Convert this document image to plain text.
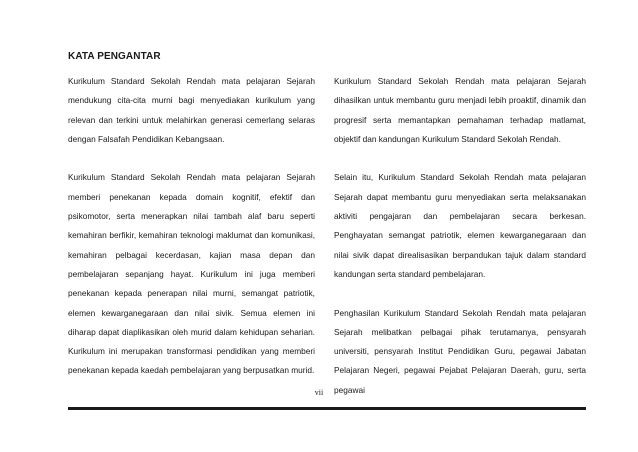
KATA PENGANTAR

Kurikulum Standard Sekolah Rendah mata pelajaran Sejarah mendukung cita-cita murni bagi menyediakan kurikulum yang relevan dan terkini untuk melahirkan generasi cemerlang selaras dengan Falsafah Pendidikan Kebangsaan.

Kurikulum Standard Sekolah Rendah mata pelajaran Sejarah memberi penekanan kepada domain kognitif, efektif dan psikomotor, serta menerapkan nilai tambah alaf baru seperti kemahiran berfikir, kemahiran teknologi maklumat dan komunikasi, kemahiran pelbagai kecerdasan, kajian masa depan dan pembelajaran sepanjang hayat. Kurikulum ini juga memberi penekanan kepada penerapan nilai murni, semangat patriotik, elemen kewarganegaraan dan nilai sivik. Semua elemen ini diharap dapat diaplikasikan oleh murid dalam kehidupan seharian. Kurikulum ini merupakan transformasi pendidikan yang memberi penekanan kepada kaedah pembelajaran yang berpusatkan murid.

Kurikulum Standard Sekolah Rendah mata pelajaran Sejarah dihasilkan untuk membantu guru menjadi lebih proaktif, dinamik dan progresif serta memantapkan pemahaman terhadap matlamat, objektif dan kandungan Kurikulum Standard Sekolah Rendah.

Selain itu, Kurikulum Standard Sekolah Rendah mata pelajaran Sejarah dapat membantu guru menyediakan serta melaksanakan aktiviti pengajaran dan pembelajaran secara berkesan. Penghayatan semangat patriotik, elemen kewarganegaraan dan nilai sivik dapat direalisasikan berpandukan tajuk dalam standard kandungan serta standard pembelajaran.

Penghasilan Kurikulum Standard Sekolah Rendah mata pelajaran Sejarah melibatkan pelbagai pihak terutamanya, pensyarah universiti, pensyarah Institut Pendidikan Guru, pegawai Jabatan Pelajaran Negeri, pegawai Pejabat Pelajaran Daerah, guru, serta pegawai

vii
